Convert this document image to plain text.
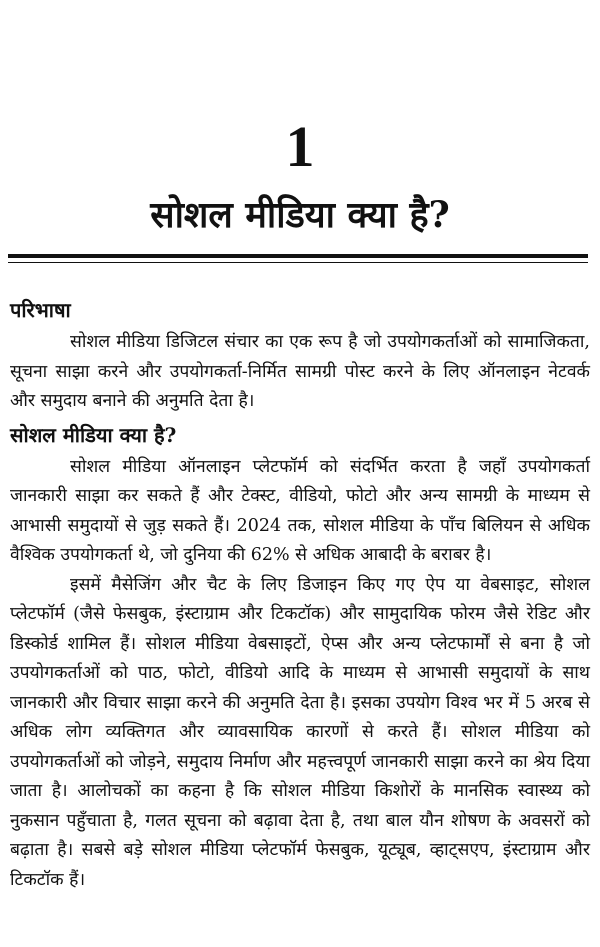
1
सोशल मीडिया क्या है?
परिभाषा

सोशल मीडिया डिजिटल संचार का एक रूप है जो उपयोगकर्ताओं को सामाजिकता, सूचना साझा करने और उपयोगकर्ता-निर्मित सामग्री पोस्ट करने के लिए ऑनलाइन नेटवर्क और समुदाय बनाने की अनुमति देता है।

सोशल मीडिया क्या है?

सोशल मीडिया ऑनलाइन प्लेटफॉर्म को संदर्भित करता है जहाँ उपयोगकर्ता जानकारी साझा कर सकते हैं और टेक्स्ट, वीडियो, फोटो और अन्य सामग्री के माध्यम से आभासी समुदायों से जुड़ सकते हैं। 2024 तक, सोशल मीडिया के पाँच बिलियन से अधिक वैश्विक उपयोगकर्ता थे, जो दुनिया की 62% से अधिक आबादी के बराबर है।

इसमें मैसेजिंग और चैट के लिए डिजाइन किए गए ऐप या वेबसाइट, सोशल प्लेटफॉर्म (जैसे फेसबुक, इंस्टाग्राम और टिकटॉक) और सामुदायिक फोरम जैसे रेडिट और डिस्कोर्ड शामिल हैं। सोशल मीडिया वेबसाइटों, ऐप्स और अन्य प्लेटफार्मों से बना है जो उपयोगकर्ताओं को पाठ, फोटो, वीडियो आदि के माध्यम से आभासी समुदायों के साथ जानकारी और विचार साझा करने की अनुमति देता है। इसका उपयोग विश्व भर में 5 अरब से अधिक लोग व्यक्तिगत और व्यावसायिक कारणों से करते हैं। सोशल मीडिया को उपयोगकर्ताओं को जोड़ने, समुदाय निर्माण और महत्त्वपूर्ण जानकारी साझा करने का श्रेय दिया जाता है। आलोचकों का कहना है कि सोशल मीडिया किशोरों के मानसिक स्वास्थ्य को नुकसान पहुँचाता है, गलत सूचना को बढ़ावा देता है, तथा बाल यौन शोषण के अवसरों को बढ़ाता है। सबसे बड़े सोशल मीडिया प्लेटफॉर्म फेसबुक, यूट्यूब, व्हाट्सएप, इंस्टाग्राम और टिकटॉक हैं।
